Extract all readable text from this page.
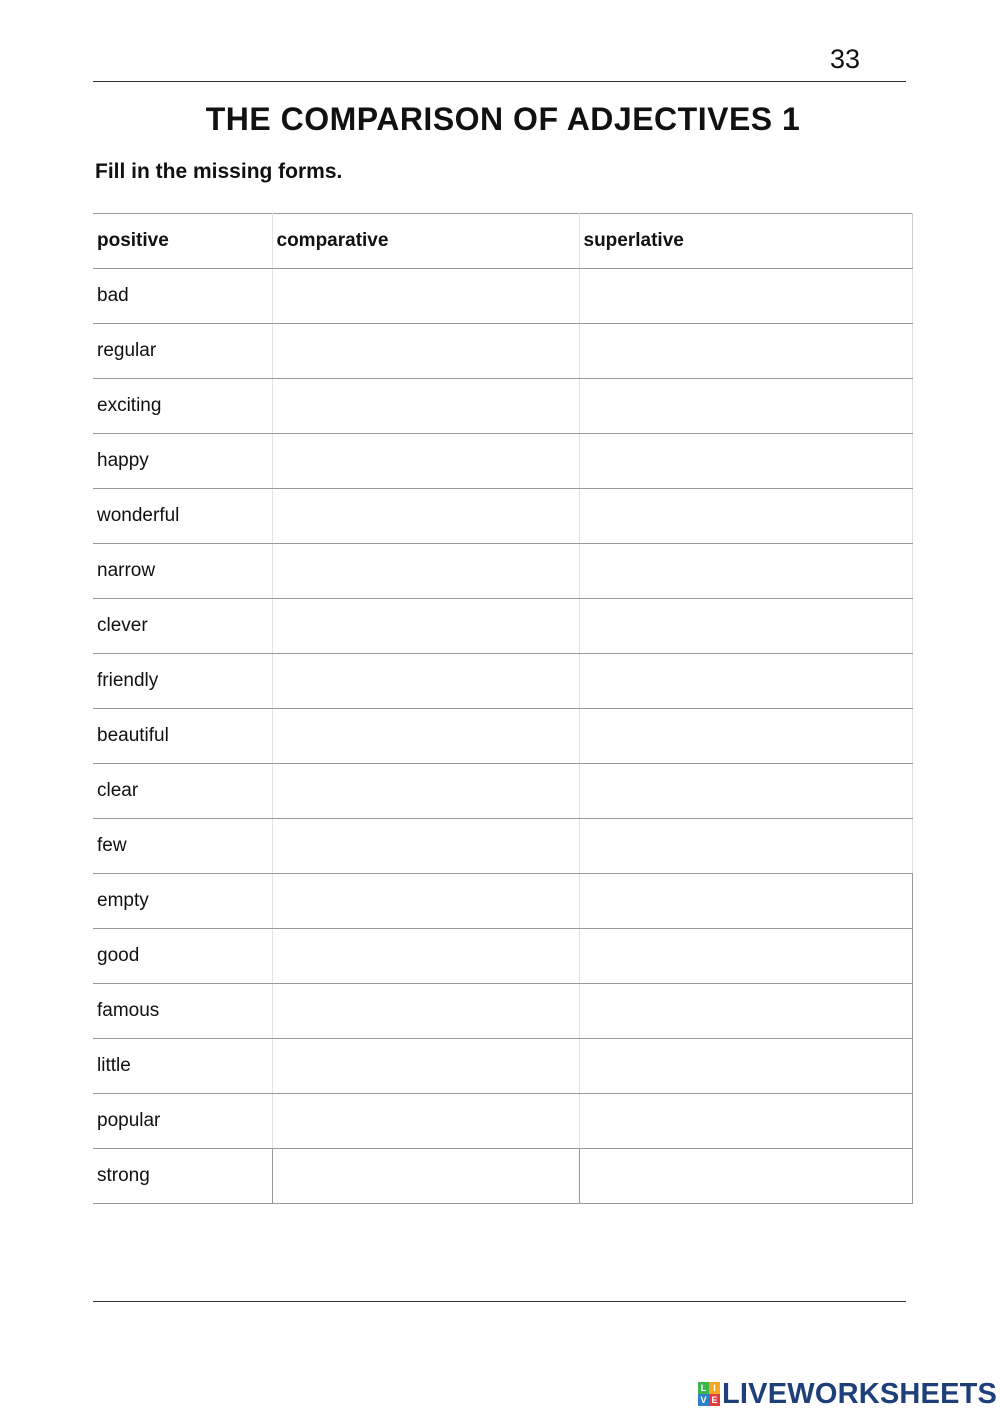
33
THE COMPARISON OF ADJECTIVES 1
Fill in the missing forms.
positive	comparative	superlative
bad		
regular		
exciting		
happy		
wonderful		
narrow		
clever		
friendly		
beautiful		
clear		
few		
empty		
good		
famous		
little		
popular		
strong		
L I
V E LIVEWORKSHEETS
